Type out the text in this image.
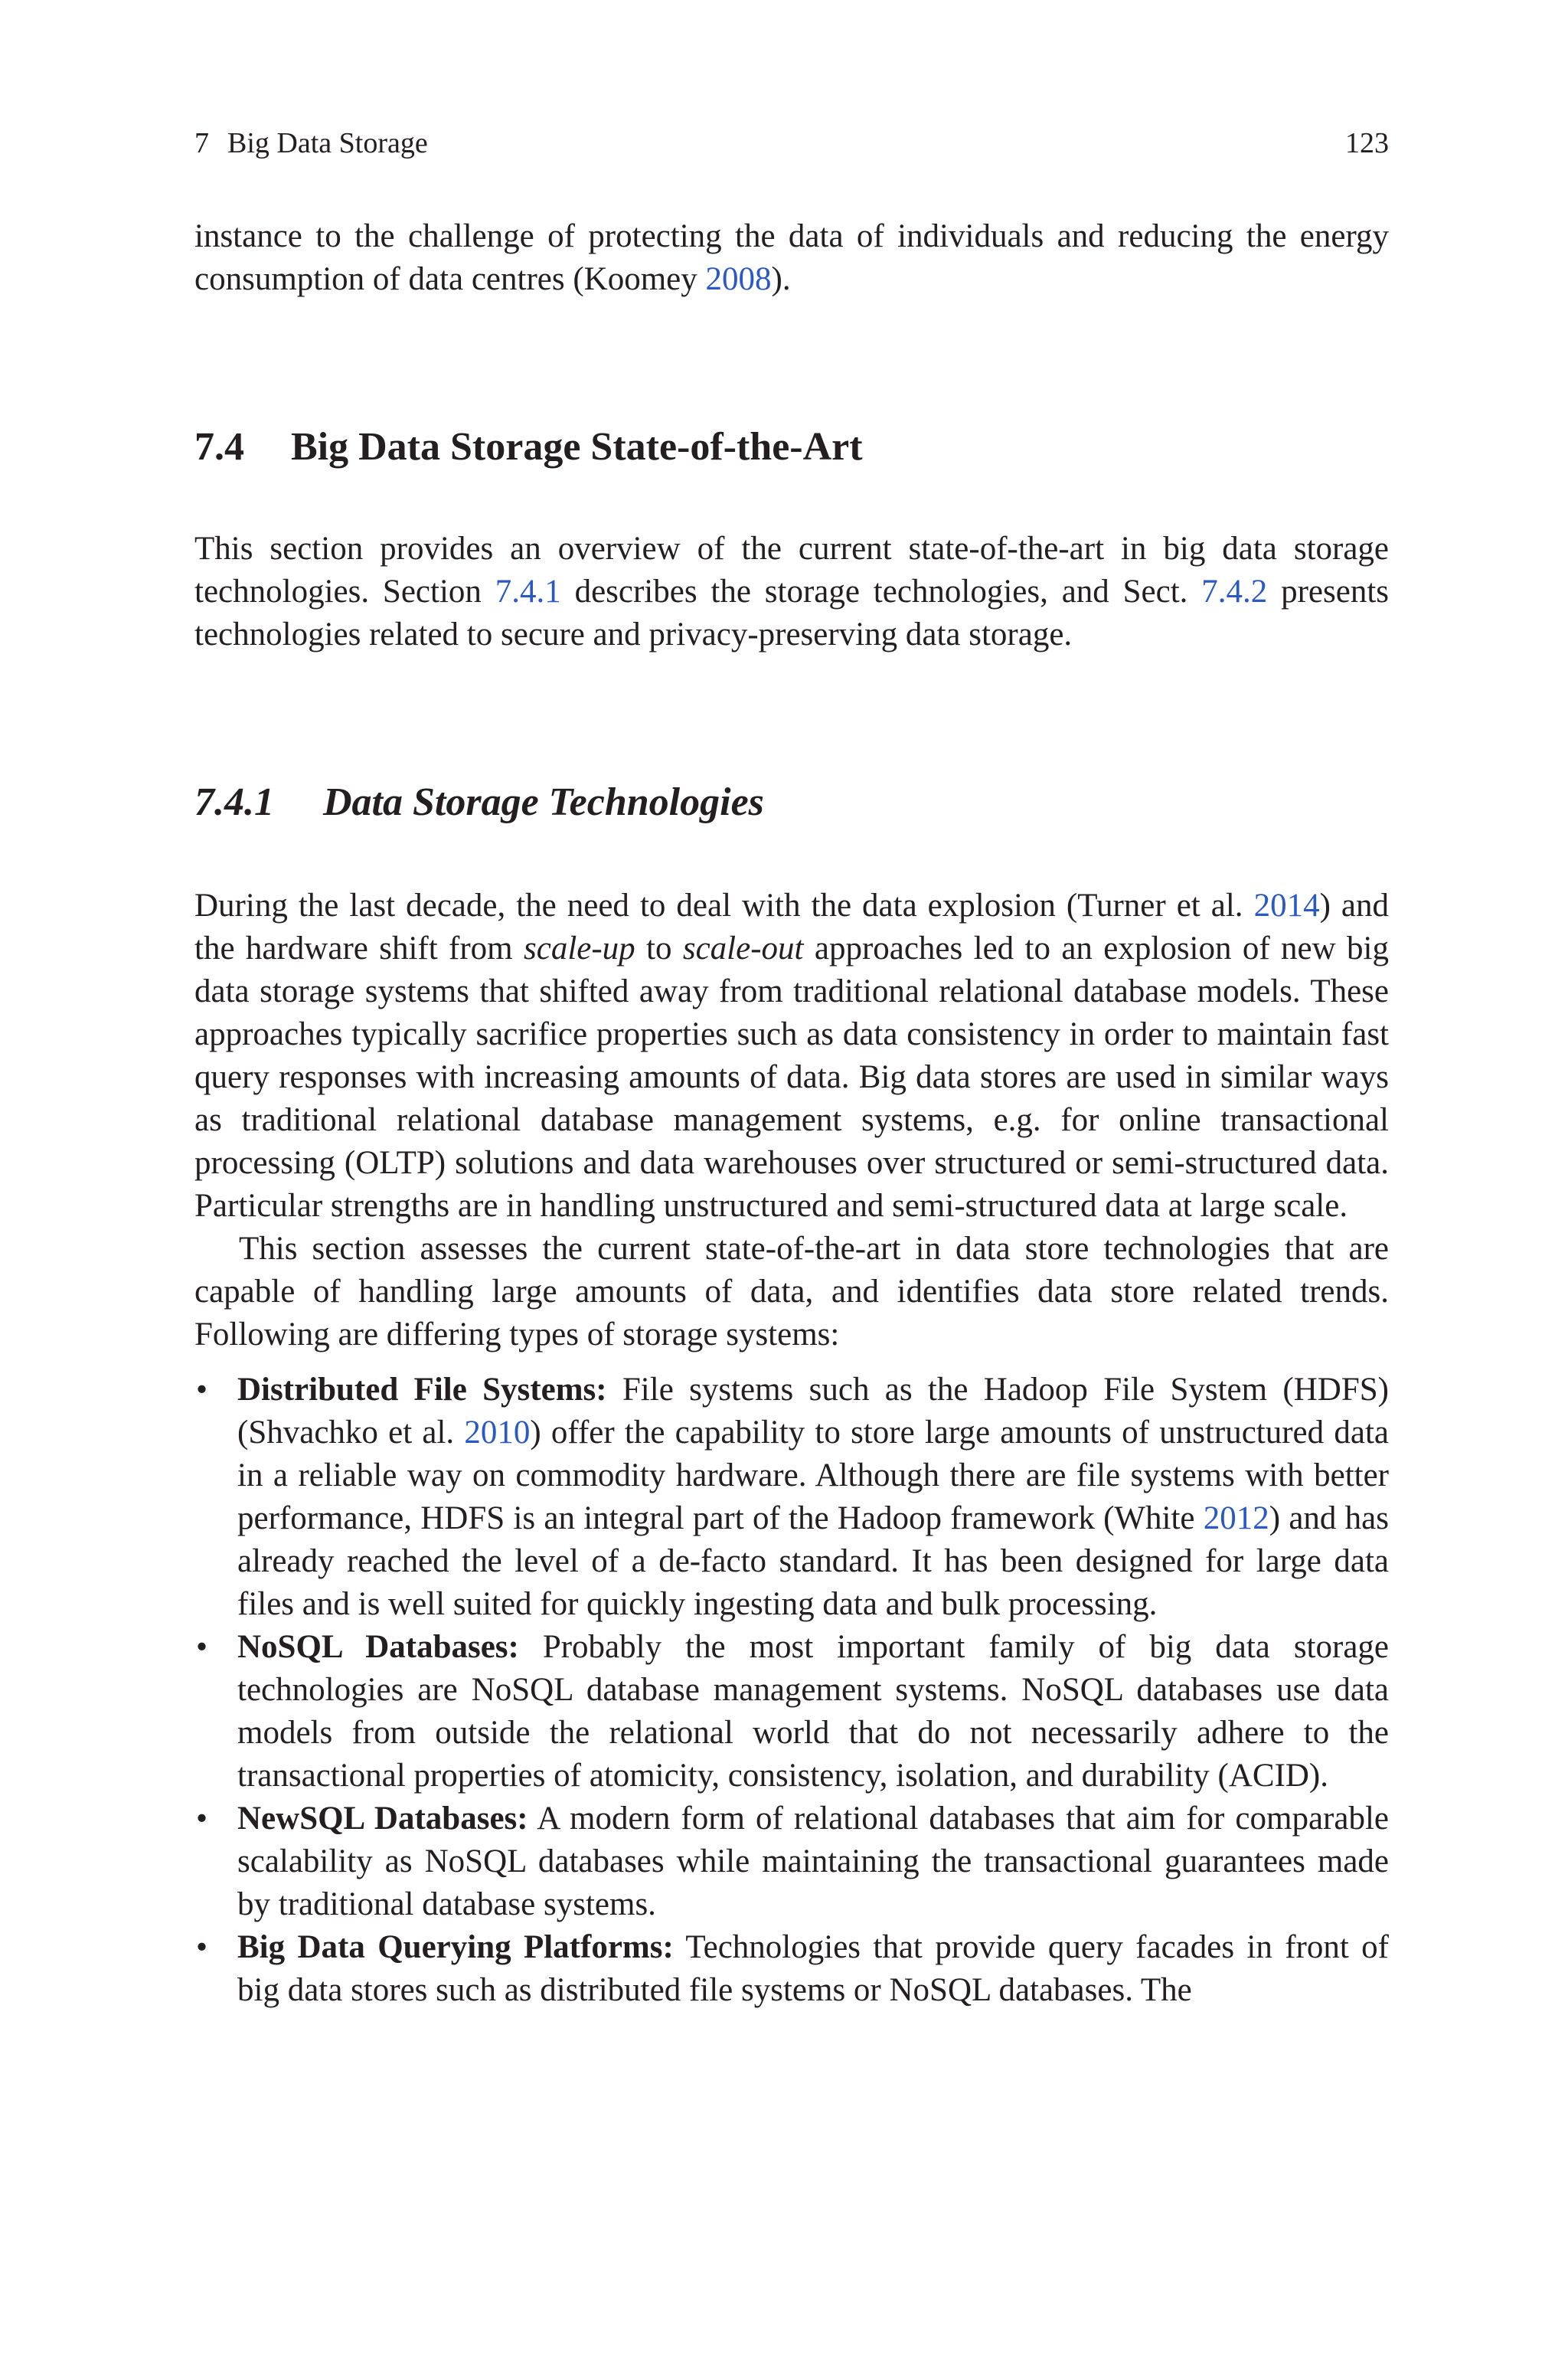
7 Big Data Storage	123

instance to the challenge of protecting the data of individuals and reducing the energy consumption of data centres (Koomey 2008).

7.4 Big Data Storage State-of-the-Art

This section provides an overview of the current state-of-the-art in big data storage technologies. Section 7.4.1 describes the storage technologies, and Sect. 7.4.2 presents technologies related to secure and privacy-preserving data storage.

7.4.1 Data Storage Technologies

During the last decade, the need to deal with the data explosion (Turner et al. 2014) and the hardware shift from scale-up to scale-out approaches led to an explosion of new big data storage systems that shifted away from traditional relational database models. These approaches typically sacrifice properties such as data consistency in order to maintain fast query responses with increasing amounts of data. Big data stores are used in similar ways as traditional relational database management systems, e.g. for online transactional processing (OLTP) solutions and data warehouses over structured or semi-structured data. Particular strengths are in handling unstructured and semi-structured data at large scale.

This section assesses the current state-of-the-art in data store technologies that are capable of handling large amounts of data, and identifies data store related trends. Following are differing types of storage systems:

• Distributed File Systems: File systems such as the Hadoop File System (HDFS) (Shvachko et al. 2010) offer the capability to store large amounts of unstructured data in a reliable way on commodity hardware. Although there are file systems with better performance, HDFS is an integral part of the Hadoop framework (White 2012) and has already reached the level of a de-facto standard. It has been designed for large data files and is well suited for quickly ingesting data and bulk processing.
• NoSQL Databases: Probably the most important family of big data storage technologies are NoSQL database management systems. NoSQL databases use data models from outside the relational world that do not necessarily adhere to the transactional properties of atomicity, consistency, isolation, and durability (ACID).
• NewSQL Databases: A modern form of relational databases that aim for comparable scalability as NoSQL databases while maintaining the transactional guarantees made by traditional database systems.
• Big Data Querying Platforms: Technologies that provide query facades in front of big data stores such as distributed file systems or NoSQL databases. The
